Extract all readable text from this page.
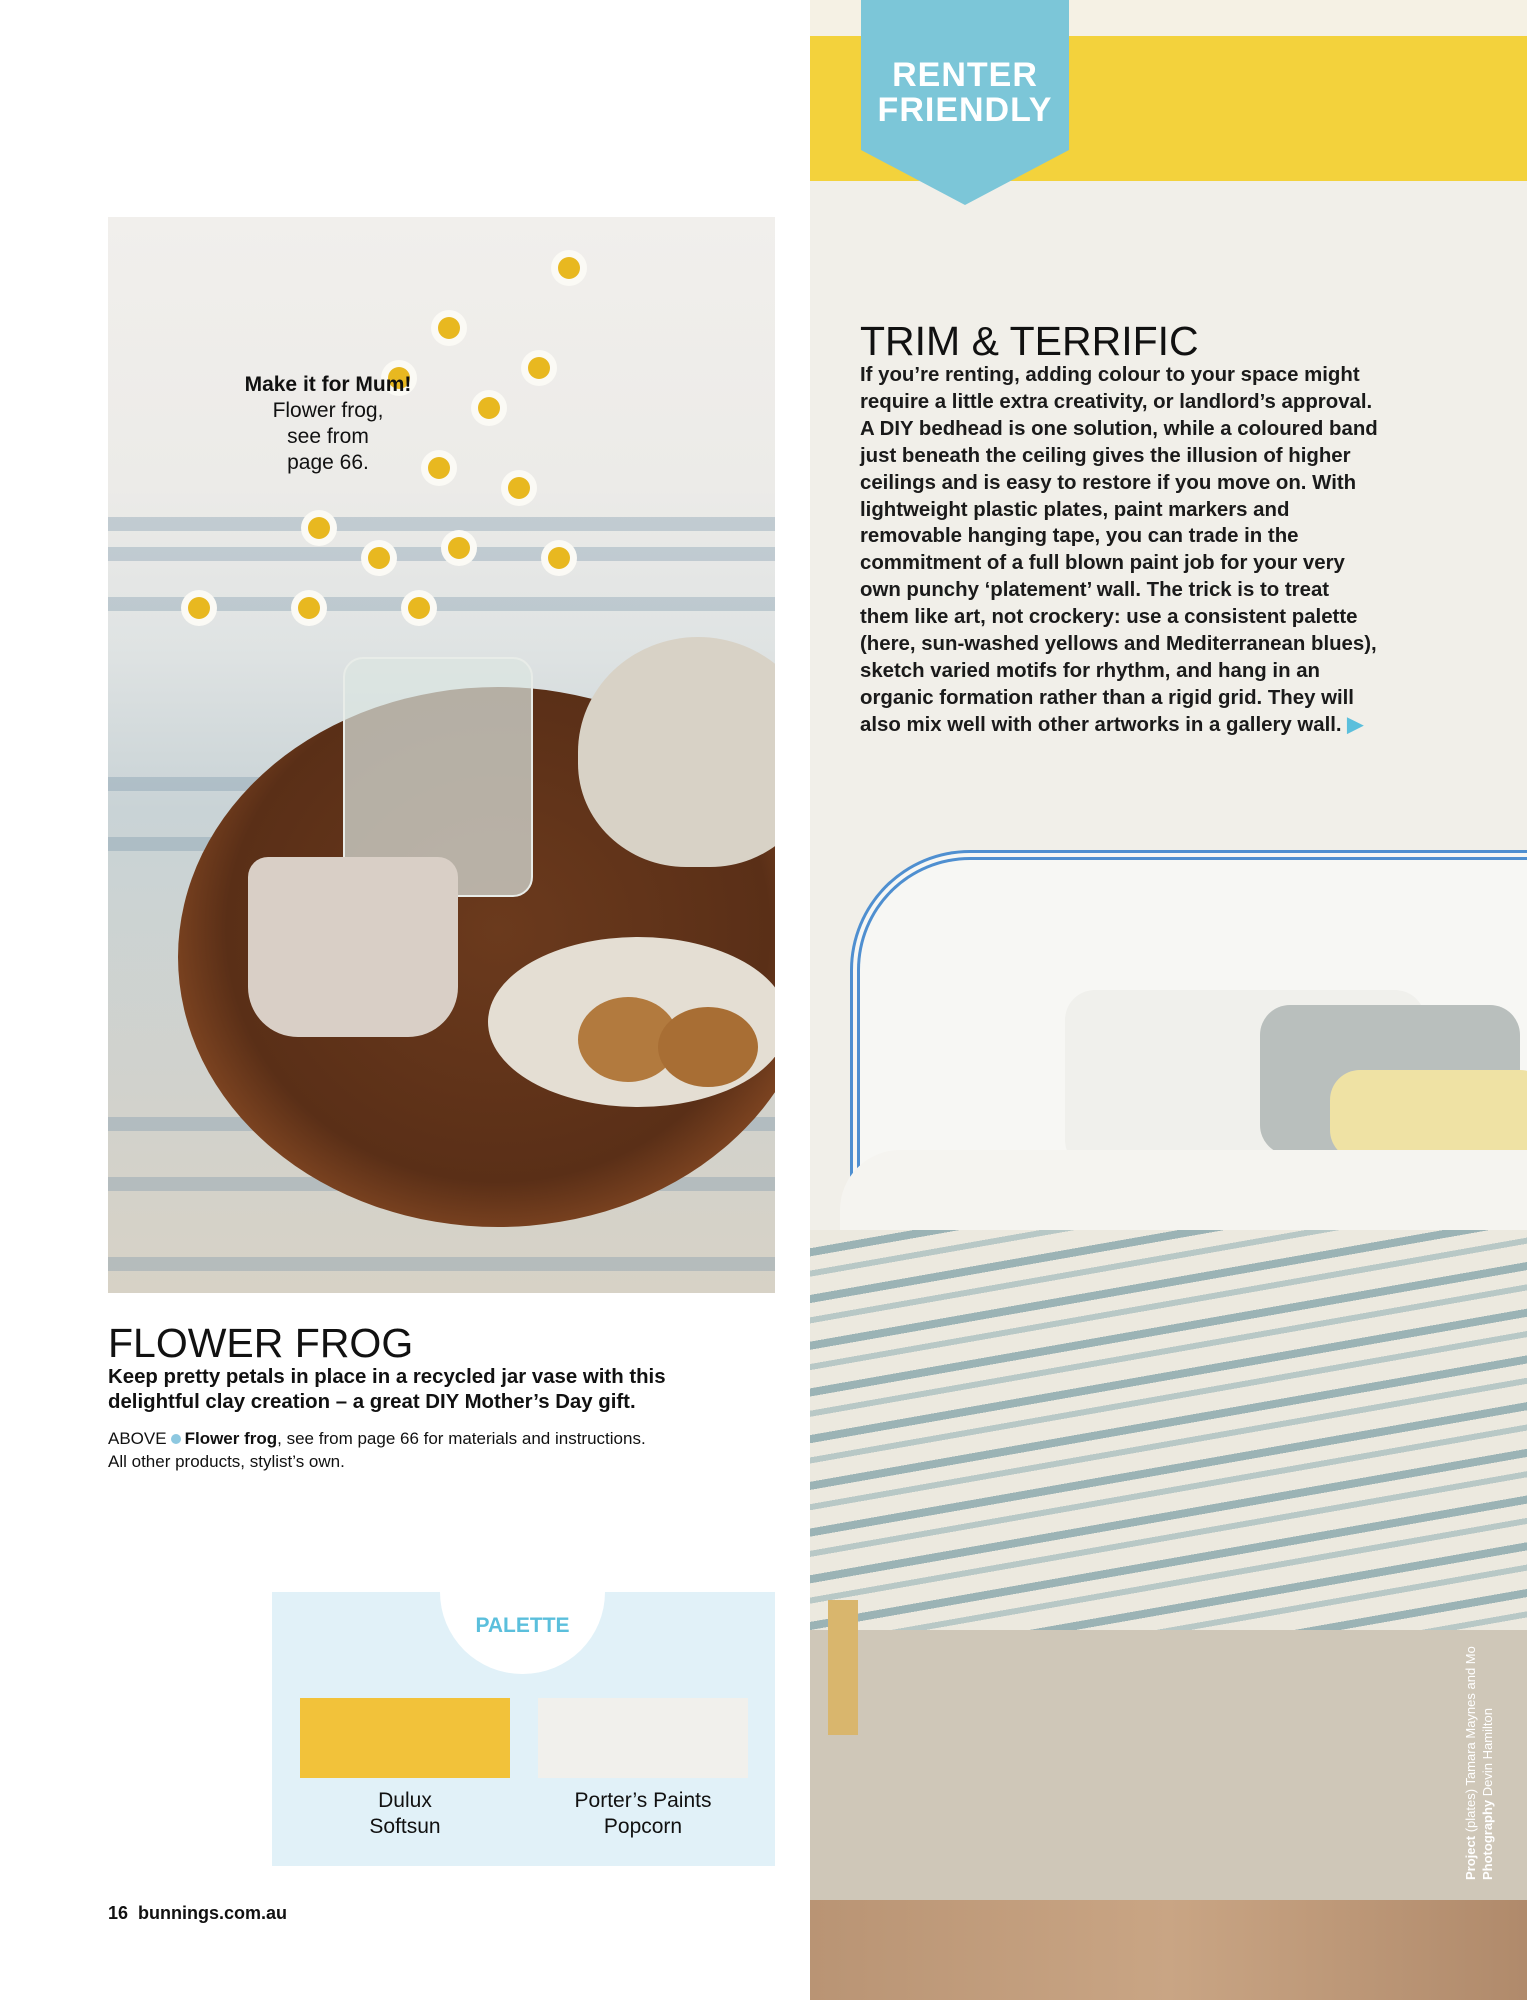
Make it for Mum!
Flower frog,
see from
page 66.
RENTER
FRIENDLY
TRIM & TERRIFIC
If you’re renting, adding colour to your space might require a little extra creativity, or landlord’s approval. A DIY bedhead is one solution, while a coloured band just beneath the ceiling gives the illusion of higher ceilings and is easy to restore if you move on. With lightweight plastic plates, paint markers and removable hanging tape, you can trade in the commitment of a full blown paint job for your very own punchy ‘platement’ wall. The trick is to treat them like art, not crockery: use a consistent palette (here, sun-washed yellows and Mediterranean blues), sketch varied motifs for rhythm, and hang in an organic formation rather than a rigid grid. They will also mix well with other artworks in a gallery wall. ▶
FLOWER FROG
Keep pretty petals in place in a recycled jar vase with this delightful clay creation – a great DIY Mother’s Day gift.
ABOVE Flower frog, see from page 66 for materials and instructions.
All other products, stylist’s own.
PALETTE
Dulux
Softsun
Porter’s Paints
Popcorn
16 bunnings.com.au
Project (plates) Tamara Maynes and Mo
Photography Devin Hamilton
